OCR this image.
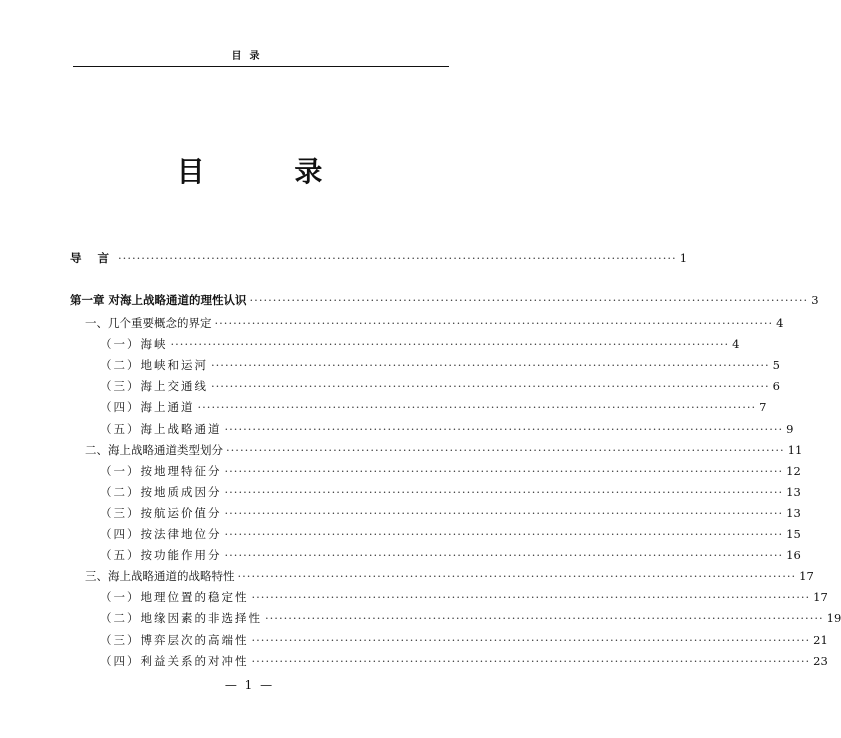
目录
目 录
导 言 ························································································································ 1
第一章 对海上战略通道的理性认识 ························································································································ 3
一、几个重要概念的界定 ························································································································ 4
（一）海峡 ························································································································ 4
（二）地峡和运河 ························································································································ 5
（三）海上交通线 ························································································································ 6
（四）海上通道 ························································································································ 7
（五）海上战略通道 ························································································································ 9
二、海上战略通道类型划分 ························································································································ 11
（一）按地理特征分 ························································································································ 12
（二）按地质成因分 ························································································································ 13
（三）按航运价值分 ························································································································ 13
（四）按法律地位分 ························································································································ 15
（五）按功能作用分 ························································································································ 16
三、海上战略通道的战略特性 ························································································································ 17
（一）地理位置的稳定性 ························································································································ 17
（二）地缘因素的非选择性 ························································································································ 19
（三）博弈层次的高端性 ························································································································ 21
（四）利益关系的对冲性 ························································································································ 23
— 1 —
